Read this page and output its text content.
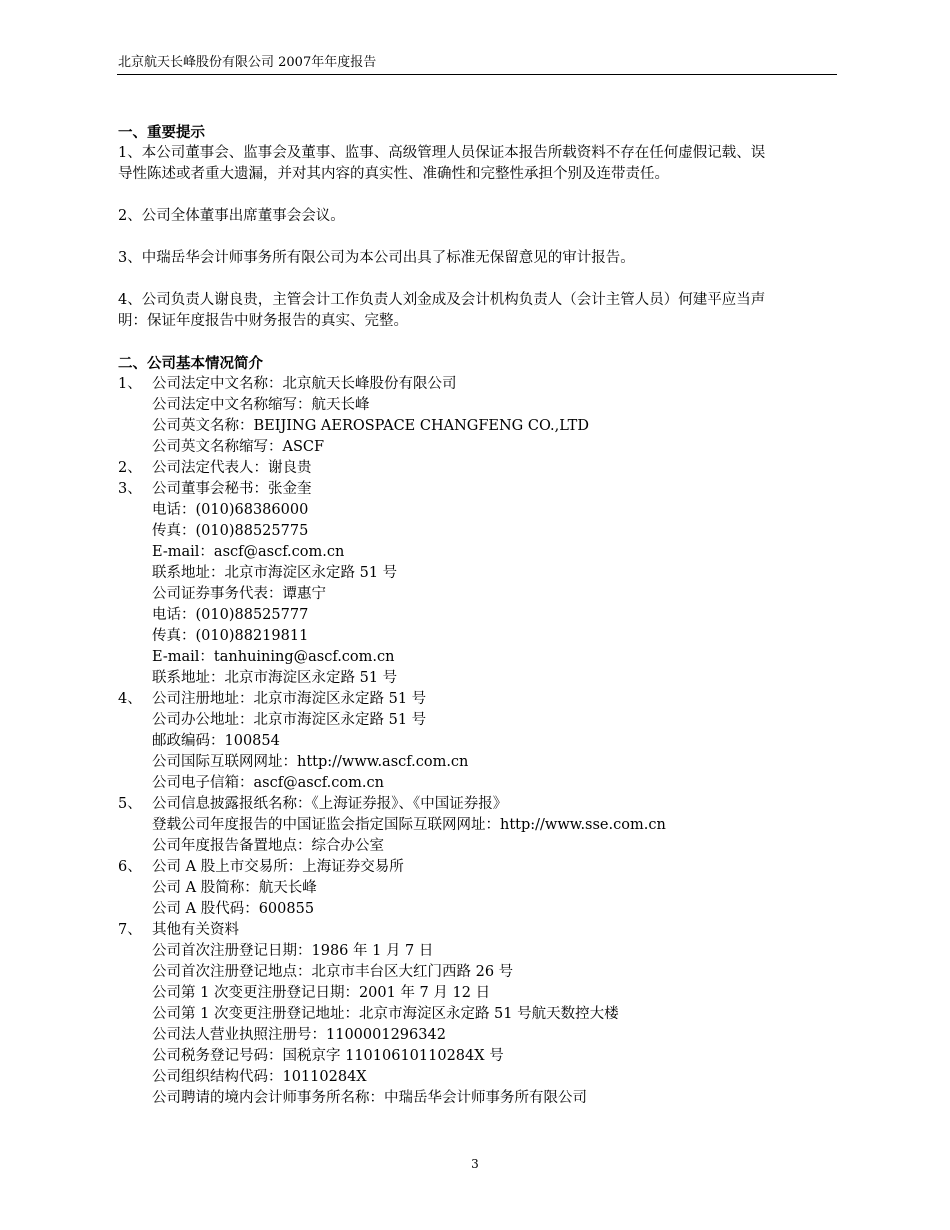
北京航天长峰股份有限公司 2007年年度报告
一、重要提示
1、本公司董事会、监事会及董事、监事、高级管理人员保证本报告所载资料不存在任何虚假记载、误
导性陈述或者重大遗漏，并对其内容的真实性、准确性和完整性承担个别及连带责任。
2、公司全体董事出席董事会会议。
3、中瑞岳华会计师事务所有限公司为本公司出具了标准无保留意见的审计报告。
4、公司负责人谢良贵，主管会计工作负责人刘金成及会计机构负责人（会计主管人员）何建平应当声
明：保证年度报告中财务报告的真实、完整。
二、公司基本情况简介
1、 公司法定中文名称：北京航天长峰股份有限公司
公司法定中文名称缩写：航天长峰
公司英文名称：BEIJING AEROSPACE CHANGFENG CO.,LTD
公司英文名称缩写：ASCF
2、 公司法定代表人：谢良贵
3、 公司董事会秘书：张金奎
电话：(010)68386000
传真：(010)88525775
E-mail：ascf@ascf.com.cn
联系地址：北京市海淀区永定路 51 号
公司证券事务代表：谭惠宁
电话：(010)88525777
传真：(010)88219811
E-mail：tanhuining@ascf.com.cn
联系地址：北京市海淀区永定路 51 号
4、 公司注册地址：北京市海淀区永定路 51 号
公司办公地址：北京市海淀区永定路 51 号
邮政编码：100854
公司国际互联网网址：http://www.ascf.com.cn
公司电子信箱：ascf@ascf.com.cn
5、 公司信息披露报纸名称：《上海证券报》、《中国证券报》
登载公司年度报告的中国证监会指定国际互联网网址：http://www.sse.com.cn
公司年度报告备置地点：综合办公室
6、 公司 A 股上市交易所：上海证券交易所
公司 A 股简称：航天长峰
公司 A 股代码：600855
7、 其他有关资料
公司首次注册登记日期：1986 年 1 月 7 日
公司首次注册登记地点：北京市丰台区大红门西路 26 号
公司第 1 次变更注册登记日期：2001 年 7 月 12 日
公司第 1 次变更注册登记地址：北京市海淀区永定路 51 号航天数控大楼
公司法人营业执照注册号：1100001296342
公司税务登记号码：国税京字 11010610110284X 号
公司组织结构代码：10110284X
公司聘请的境内会计师事务所名称：中瑞岳华会计师事务所有限公司
3
